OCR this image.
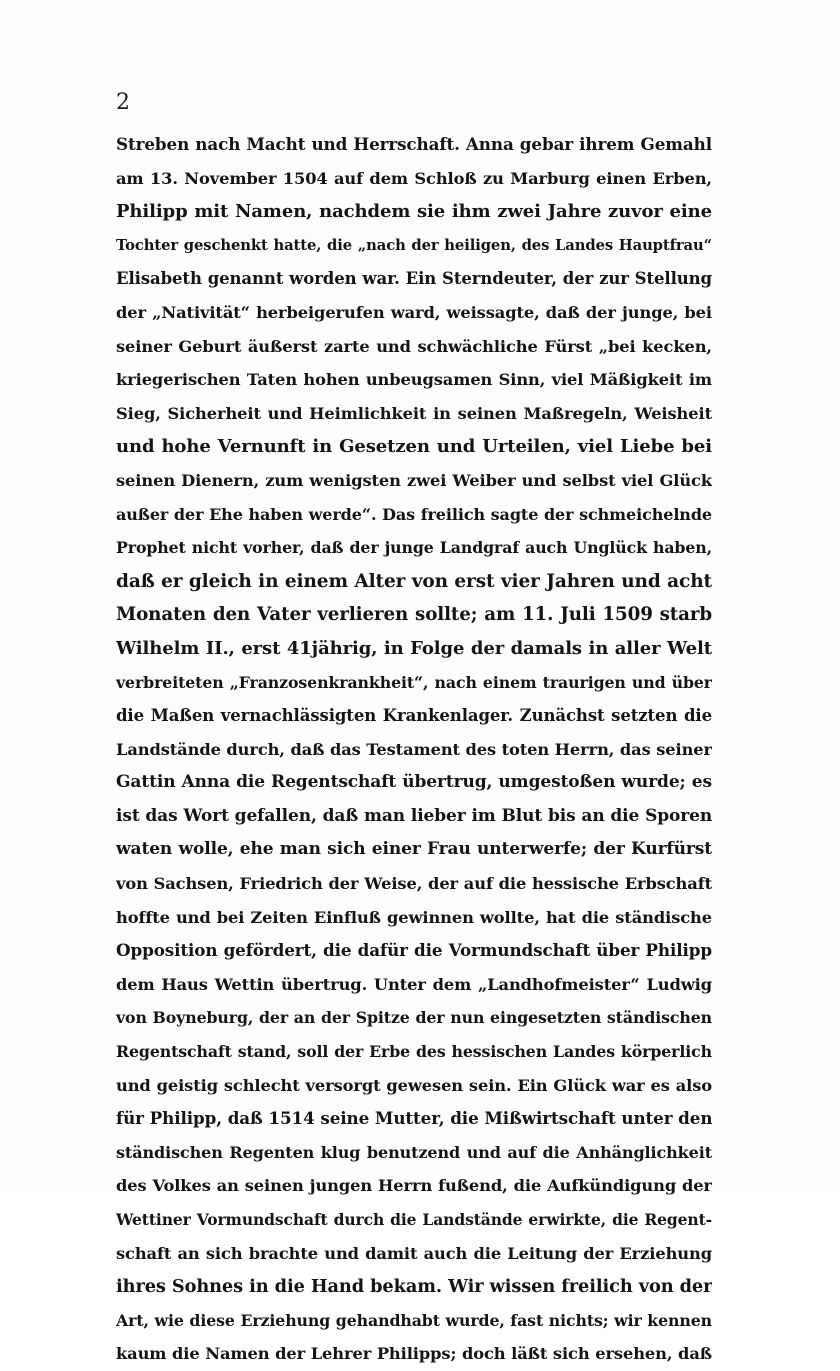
2
Streben nach Macht und Herrschaft. Anna gebar ihrem Gemahl
am 13. November 1504 auf dem Schloß zu Marburg einen Erben,
Philipp mit Namen, nachdem sie ihm zwei Jahre zuvor eine
Tochter geschenkt hatte, die „nach der heiligen, des Landes Hauptfrau“
Elisabeth genannt worden war. Ein Sterndeuter, der zur Stellung
der „Nativität“ herbeigerufen ward, weissagte, daß der junge, bei
seiner Geburt äußerst zarte und schwächliche Fürst „bei kecken,
kriegerischen Taten hohen unbeugsamen Sinn, viel Mäßigkeit im
Sieg, Sicherheit und Heimlichkeit in seinen Maßregeln, Weisheit
und hohe Vernunft in Gesetzen und Urteilen, viel Liebe bei
seinen Dienern, zum wenigsten zwei Weiber und selbst viel Glück
außer der Ehe haben werde“. Das freilich sagte der schmeichelnde
Prophet nicht vorher, daß der junge Landgraf auch Unglück haben,
daß er gleich in einem Alter von erst vier Jahren und acht
Monaten den Vater verlieren sollte; am 11. Juli 1509 starb
Wilhelm II., erst 41jährig, in Folge der damals in aller Welt
verbreiteten „Franzosenkrankheit“, nach einem traurigen und über
die Maßen vernachlässigten Krankenlager. Zunächst setzten die
Landstände durch, daß das Testament des toten Herrn, das seiner
Gattin Anna die Regentschaft übertrug, umgestoßen wurde; es
ist das Wort gefallen, daß man lieber im Blut bis an die Sporen
waten wolle, ehe man sich einer Frau unterwerfe; der Kurfürst
von Sachsen, Friedrich der Weise, der auf die hessische Erbschaft
hoffte und bei Zeiten Einfluß gewinnen wollte, hat die ständische
Opposition gefördert, die dafür die Vormundschaft über Philipp
dem Haus Wettin übertrug. Unter dem „Landhofmeister“ Ludwig
von Boyneburg, der an der Spitze der nun eingesetzten ständischen
Regentschaft stand, soll der Erbe des hessischen Landes körperlich
und geistig schlecht versorgt gewesen sein. Ein Glück war es also
für Philipp, daß 1514 seine Mutter, die Mißwirtschaft unter den
ständischen Regenten klug benutzend und auf die Anhänglichkeit
des Volkes an seinen jungen Herrn fußend, die Aufkündigung der
Wettiner Vormundschaft durch die Landstände erwirkte, die Regent-
schaft an sich brachte und damit auch die Leitung der Erziehung
ihres Sohnes in die Hand bekam. Wir wissen freilich von der
Art, wie diese Erziehung gehandhabt wurde, fast nichts; wir kennen
kaum die Namen der Lehrer Philipps; doch läßt sich ersehen, daß
